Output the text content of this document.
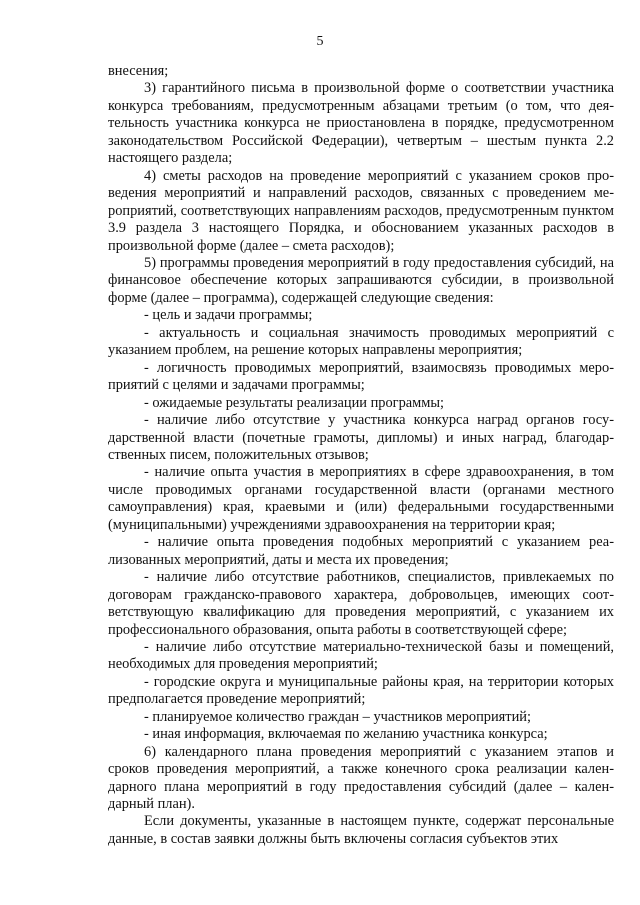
5

внесения;

3) гарантийного письма в произвольной форме о соответствии участника конкурса требованиям, предусмотренным абзацами третьим (о том, что деятельность участника конкурса не приостановлена в порядке, предусмотренном законодательством Российской Федерации), четвертым – шестым пункта 2.2 настоящего раздела;

4) сметы расходов на проведение мероприятий с указанием сроков проведения мероприятий и направлений расходов, связанных с проведением мероприятий, соответствующих направлениям расходов, предусмотренным пунктом 3.9 раздела 3 настоящего Порядка, и обоснованием указанных расходов в произвольной форме (далее – смета расходов);

5) программы проведения мероприятий в году предоставления субсидий, на финансовое обеспечение которых запрашиваются субсидии, в произвольной форме (далее – программа), содержащей следующие сведения:

- цель и задачи программы;

- актуальность и социальная значимость проводимых мероприятий с указанием проблем, на решение которых направлены мероприятия;

- логичность проводимых мероприятий, взаимосвязь проводимых мероприятий с целями и задачами программы;

- ожидаемые результаты реализации программы;

- наличие либо отсутствие у участника конкурса наград органов государственной власти (почетные грамоты, дипломы) и иных наград, благодарственных писем, положительных отзывов;

- наличие опыта участия в мероприятиях в сфере здравоохранения, в том числе проводимых органами государственной власти (органами местного самоуправления) края, краевыми и (или) федеральными государственными (муниципальными) учреждениями здравоохранения на территории края;

- наличие опыта проведения подобных мероприятий с указанием реализованных мероприятий, даты и места их проведения;

- наличие либо отсутствие работников, специалистов, привлекаемых по договорам гражданско-правового характера, добровольцев, имеющих соответствующую квалификацию для проведения мероприятий, с указанием их профессионального образования, опыта работы в соответствующей сфере;

- наличие либо отсутствие материально-технической базы и помещений, необходимых для проведения мероприятий;

- городские округа и муниципальные районы края, на территории которых предполагается проведение мероприятий;

- планируемое количество граждан – участников мероприятий;

- иная информация, включаемая по желанию участника конкурса;

6) календарного плана проведения мероприятий с указанием этапов и сроков проведения мероприятий, а также конечного срока реализации календарного плана мероприятий в году предоставления субсидий (далее – календарный план).

Если документы, указанные в настоящем пункте, содержат персональные данные, в состав заявки должны быть включены согласия субъектов этих
